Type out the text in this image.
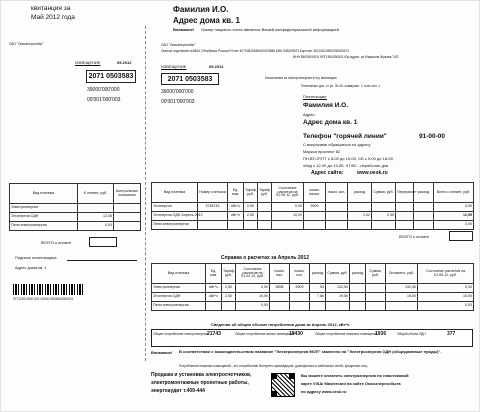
квитанция за
Май 2012 года
ОАО "Омскэнергосбыт"
ИЗВЕЩЕНИЕ	05.2012
2071 0503583
39000'000'000
00'001'000'003
Вид платежа	К оплате, руб.	Контрольные показания
Электроэнергия		
Эл.энергия ОДН	12,55	
Пени электроэнергия	0,00	
ВСЕГО к оплате
Подпись плательщика
Адрес дома кв. 1
9771203 0500 001 03000 0503600000001
Фамилия И.О.
Адрес дома кв. 1
Внимание! Номер лицевого счета является Вашей конфиденциальной информацией
ОАО "Омскэнергосбыт"
Омское отделение №8634 Сбербанка России Р/счет 40702810645000103566 БИК 045209673 Кор/счет 30101810900000000673
ИНН 5503091919, КПП 554250001 Юр.адрес: ул.Маршала Жукова 74/2
ИЗВЕЩЕНИЕ	05.2012
2071 0503583
39000'000'000
00'001'000'003
Начисления за электроэнергию в эту квитанцию
Платежные док. от ул. 30.40, коммунал. 1, в-во чел. 1
Плательщик:
Фамилия И.О.
Адрес:
Адрес дома кв. 1
Телефон "горячей линии"	91-00-00
С вопросами обращаться по адресу
Маркса проспект 82
ПН,ВТ,СР,ПТ с 8-00 до 19-00, СБ с 9-00 до 18-00,
обед с 12-00 до 13-00, ЧТ,ВС - нерабочие дни
Адрес сайта:	www.oesk.ru
Вид платежа	Номер счетчика	Ед. изм.	Тариф, руб.	Тариф руб.	Состояние расчетов на 01.05.12, руб.	показ. начал.	показ. кон.	расход	Сумма, руб.	Перерасчет	расход	Всего к оплате, руб.
Эл.энергия	3748743	кВт*ч	2,50		0,00	5909						0,00
Эл.энергия ОДН Апрель 2012		кВт*ч	2,50		10,00			1,02	2,55			12,55
Пени электроэнергия												0,00
ВСЕГО к оплате
Справка о расчетах за Апрель 2012
Вид платежа	Ед. изм.	Тариф, руб.	Состояние расчетов на 01.04.12, руб.	показ. нач.	показ. кон.	расход	Сумма, руб.	расход	Сумма, руб.	Оплачено, руб.	Состояние расчетов на 01.05.12, руб.
Электроэнергия	кВт*ч	2,50	0,00	5858	5909	53	132,50			132,50	0,00
Эл.энергия ОДН	кВт*ч	2,50	10,00			7,80	19,50			19,50	10,00
Пени электроэнергия			0,00								0,00
Сведения об общем объеме потребления дома за Апрель 2012, кВт*ч
Общее потребление электроэнергии 21743	Общее потребление жилых помещений
19430	Общее потребление нежилых помещений
1936	Общий объем ОДН	377
Внимание! В соответствии с законодательством название "Электроэнергия МОП" заменено на "Электроэнергия ОДН (общедомовые нужды)".
Потребление нежилых помещений - это потребление Интернет-провайдеров, домофонных и кабельных сетей, кредитных лиц.
Продажа и установка электросчетчиков,
электромонтажные проектные работы,
энергоаудит т.409-444
Вы можете оплатить электроэнергию по пластиковой
карте VISA/ Mastercard на сайте Омскэнергосбыта
по адресу www.oesk.ru
